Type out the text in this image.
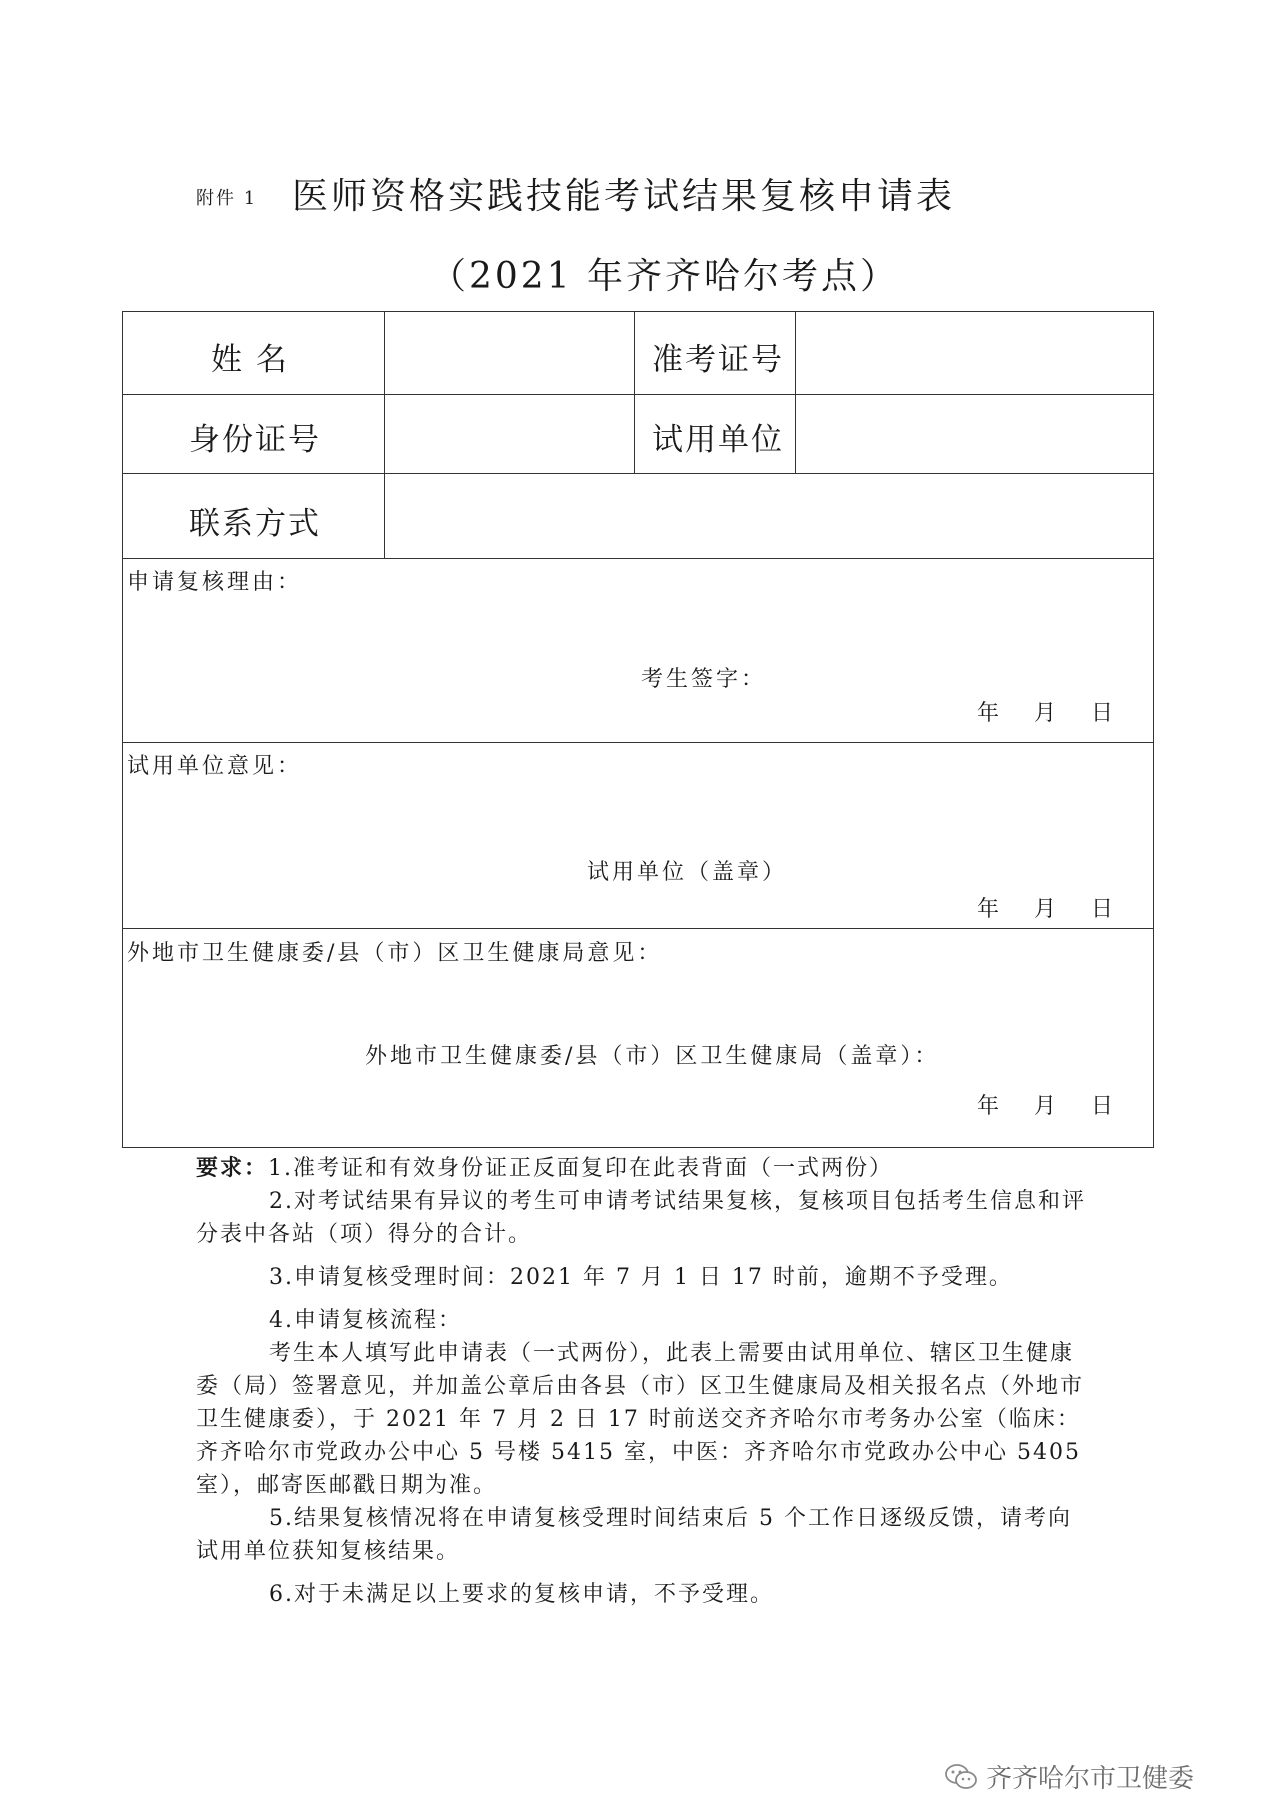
附件 1 医师资格实践技能考试结果复核申请表
（2021 年齐齐哈尔考点）
姓 名	准考证号
身份证号	试用单位
联系方式
申请复核理由：
考生签字：
年 月 日
试用单位意见：
试用单位（盖章）
年 月 日
外地市卫生健康委/县（市）区卫生健康局意见：
外地市卫生健康委/县（市）区卫生健康局（盖章）：
年 月 日

要求：1.准考证和有效身份证正反面复印在此表背面（一式两份）

2.对考试结果有异议的考生可申请考试结果复核，复核项目包括考生信息和评分表中各站（项）得分的合计。

3.申请复核受理时间：2021 年 7 月 1 日 17 时前，逾期不予受理。

4.申请复核流程：

考生本人填写此申请表（一式两份），此表上需要由试用单位、辖区卫生健康委（局）签署意见，并加盖公章后由各县（市）区卫生健康局及相关报名点（外地市卫生健康委），于 2021 年 7 月 2 日 17 时前送交齐齐哈尔市考务办公室（临床：齐齐哈尔市党政办公中心 5 号楼 5415 室，中医：齐齐哈尔市党政办公中心 5405 室），邮寄医邮戳日期为准。

5.结果复核情况将在申请复核受理时间结束后 5 个工作日逐级反馈，请考向试用单位获知复核结果。

6.对于未满足以上要求的复核申请，不予受理。

齐齐哈尔市卫健委
